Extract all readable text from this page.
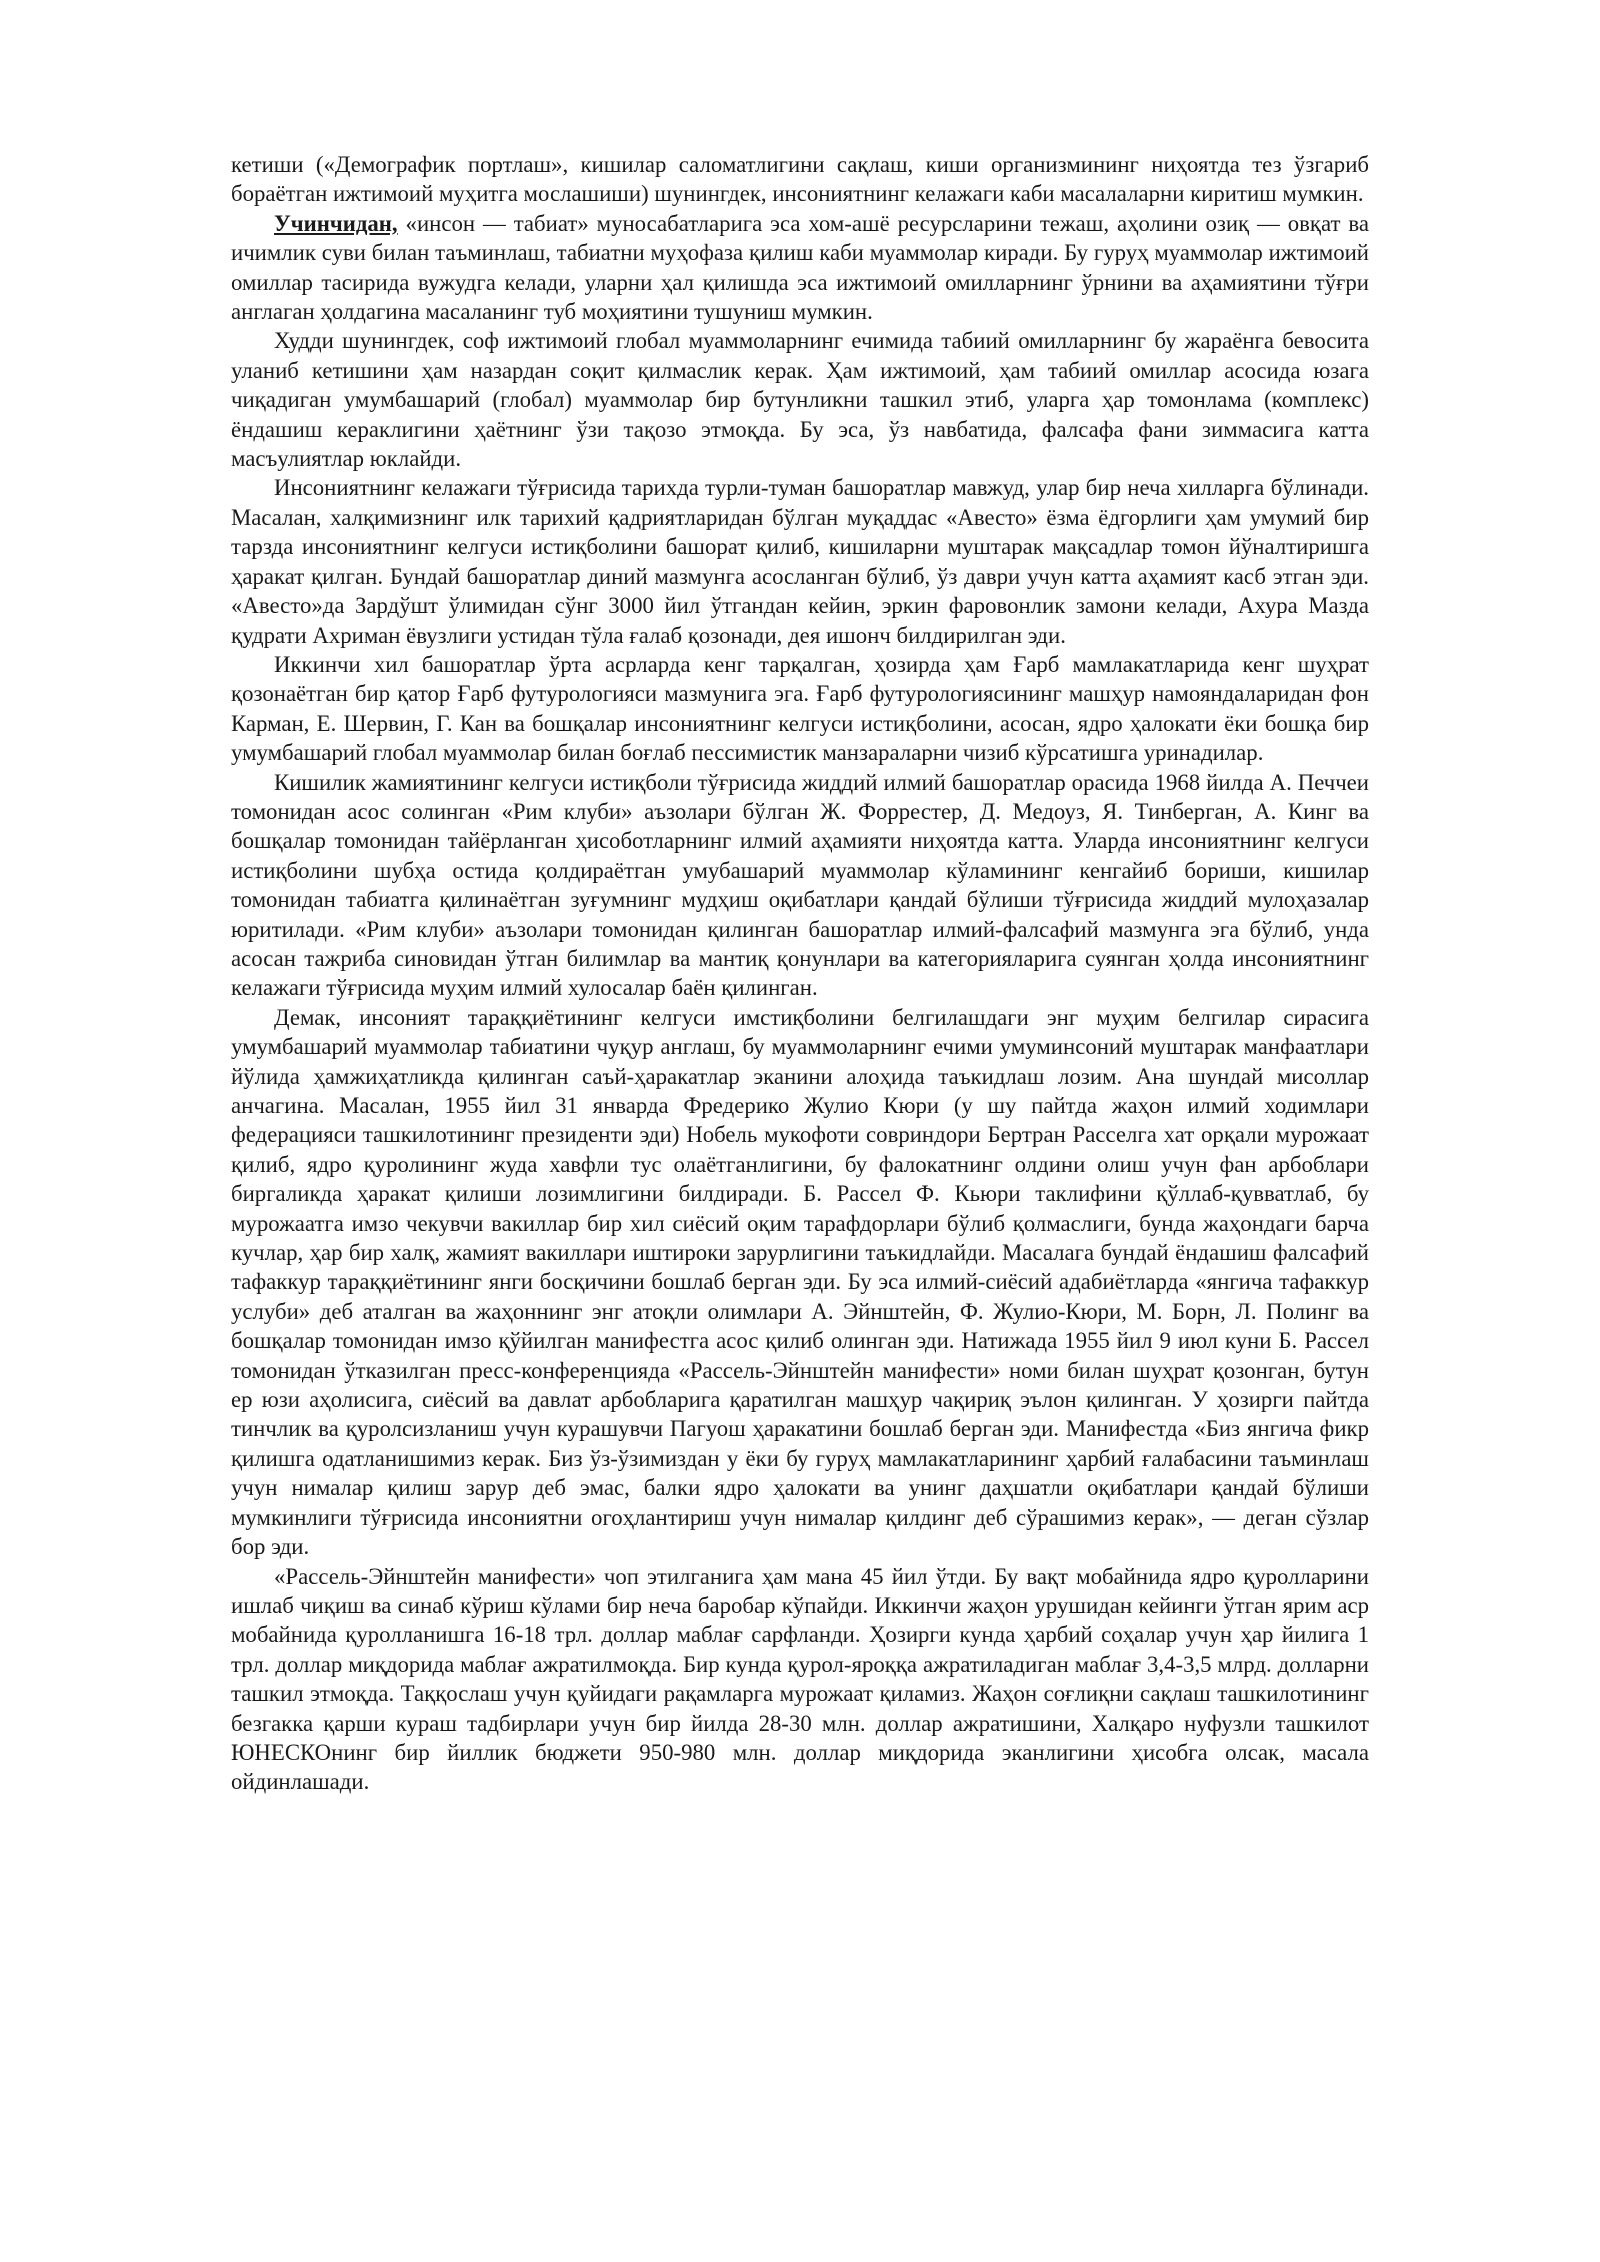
кетиши («Демографик портлаш», кишилар саломатлигини сақлаш, киши организмининг ниҳоятда тез ўзгариб бораётган ижтимоий муҳитга мослашиши) шунингдек, инсониятнинг келажаги каби масалаларни киритиш мумкин.

Учинчидан, «инсон — табиат» муносабатларига эса хом-ашё ресурсларини тежаш, аҳолини озиқ — овқат ва ичимлик суви билан таъминлаш, табиатни муҳофаза қилиш каби муаммолар киради. Бу гуруҳ муаммолар ижтимоий омиллар тасирида вужудга келади, уларни ҳал қилишда эса ижтимоий омилларнинг ўрнини ва аҳамиятини тўғри англаган ҳолдагина масаланинг туб моҳиятини тушуниш мумкин.

Худди шунингдек, соф ижтимоий глобал муаммоларнинг ечимида табиий омилларнинг бу жараёнга бевосита уланиб кетишини ҳам назардан соқит қилмаслик керак. Ҳам ижтимоий, ҳам табиий омиллар асосида юзага чиқадиган умумбашарий (глобал) муаммолар бир бутунликни ташкил этиб, уларга ҳар томонлама (комплекс) ёндашиш кераклигини ҳаётнинг ўзи тақозо этмоқда. Бу эса, ўз навбатида, фалсафа фани зиммасига катта масъулиятлар юклайди.

Инсониятнинг келажаги тўғрисида тарихда турли-туман башоратлар мавжуд, улар бир неча хилларга бўлинади. Масалан, халқимизнинг илк тарихий қадриятларидан бўлган муқаддас «Авесто» ёзма ёдгорлиги ҳам умумий бир тарзда инсониятнинг келгуси истиқболини башорат қилиб, кишиларни муштарак мақсадлар томон йўналтиришга ҳаракат қилган. Бундай башоратлар диний мазмунга асосланган бўлиб, ўз даври учун катта аҳамият касб этган эди. «Авесто»да Зардўшт ўлимидан сўнг 3000 йил ўтгандан кейин, эркин фаровонлик замони келади, Ахура Мазда қудрати Ахриман ёвузлиги устидан тўла ғалаб қозонади, дея ишонч билдирилган эди.

Иккинчи хил башоратлар ўрта асрларда кенг тарқалган, ҳозирда ҳам Ғарб мамлакатларида кенг шуҳрат қозонаётган бир қатор Ғарб футурологияси мазмунига эга. Ғарб футурологиясининг машҳур намояндаларидан фон Карман, Е. Шервин, Г. Кан ва бошқалар инсониятнинг келгуси истиқболини, асосан, ядро ҳалокати ёки бошқа бир умумбашарий глобал муаммолар билан боғлаб пессимистик манзараларни чизиб кўрсатишга уринадилар.

Кишилик жамиятининг келгуси истиқболи тўғрисида жиддий илмий башоратлар орасида 1968 йилда А. Печчеи томонидан асос солинган «Рим клуби» аъзолари бўлган Ж. Форрестер, Д. Медоуз, Я. Тинберган, А. Кинг ва бошқалар томонидан тайёрланган ҳисоботларнинг илмий аҳамияти ниҳоятда катта. Уларда инсониятнинг келгуси истиқболини шубҳа остида қолдираётган умубашарий муаммолар кўламининг кенгайиб бориши, кишилар томонидан табиатга қилинаётган зуғумнинг мудҳиш оқибатлари қандай бўлиши тўғрисида жиддий мулоҳазалар юритилади. «Рим клуби» аъзолари томонидан қилинган башоратлар илмий-фалсафий мазмунга эга бўлиб, унда асосан тажриба синовидан ўтган билимлар ва мантиқ қонунлари ва категорияларига суянган ҳолда инсониятнинг келажаги тўғрисида муҳим илмий хулосалар баён қилинган.

Демак, инсоният тараққиётининг келгуси имстиқболини белгилашдаги энг муҳим белгилар сирасига умумбашарий муаммолар табиатини чуқур англаш, бу муаммоларнинг ечими умуминсоний муштарак манфаатлари йўлида ҳамжиҳатликда қилинган саъй-ҳаракатлар эканини алоҳида таъкидлаш лозим. Ана шундай мисоллар анчагина. Масалан, 1955 йил 31 январда Фредерико Жулио Кюри (у шу пайтда жаҳон илмий ходимлари федерацияси ташкилотининг президенти эди) Нобель мукофоти совриндори Бертран Расселга хат орқали мурожаат қилиб, ядро қуролининг жуда хавфли тус олаётганлигини, бу фалокатнинг олдини олиш учун фан арбоблари биргаликда ҳаракат қилиши лозимлигини билдиради. Б. Рассел Ф. Кьюри таклифини қўллаб-қувватлаб, бу мурожаатга имзо чекувчи вакиллар бир хил сиёсий оқим тарафдорлари бўлиб қолмаслиги, бунда жаҳондаги барча кучлар, ҳар бир халқ, жамият вакиллари иштироки зарурлигини таъкидлайди. Масалага бундай ёндашиш фалсафий тафаккур тараққиётининг янги босқичини бошлаб берган эди. Бу эса илмий-сиёсий адабиётларда «янгича тафаккур услуби» деб аталган ва жаҳоннинг энг атоқли олимлари А. Эйнштейн, Ф. Жулио-Кюри, М. Борн, Л. Полинг ва бошқалар томонидан имзо қўйилган манифестга асос қилиб олинган эди. Натижада 1955 йил 9 июл куни Б. Рассел томонидан ўтказилган пресс-конференцияда «Рассель-Эйнштейн манифести» номи билан шуҳрат қозонган, бутун ер юзи аҳолисига, сиёсий ва давлат арбобларига қаратилган машҳур чақириқ эълон қилинган. У ҳозирги пайтда тинчлик ва қуролсизланиш учун курашувчи Пагуош ҳаракатини бошлаб берган эди. Манифестда «Биз янгича фикр қилишга одатланишимиз керак. Биз ўз-ўзимиздан у ёки бу гуруҳ мамлакатларининг ҳарбий ғалабасини таъминлаш учун нималар қилиш зарур деб эмас, балки ядро ҳалокати ва унинг даҳшатли оқибатлари қандай бўлиши мумкинлиги тўғрисида инсониятни огоҳлантириш учун нималар қилдинг деб сўрашимиз керак», — деган сўзлар бор эди.

«Рассель-Эйнштейн манифести» чоп этилганига ҳам мана 45 йил ўтди. Бу вақт мобайнида ядро қуролларини ишлаб чиқиш ва синаб кўриш кўлами бир неча баробар кўпайди. Иккинчи жаҳон урушидан кейинги ўтган ярим аср мобайнида қуролланишга 16-18 трл. доллар маблағ сарфланди. Ҳозирги кунда ҳарбий соҳалар учун ҳар йилига 1 трл. доллар миқдорида маблағ ажратилмоқда. Бир кунда қурол-яроққа ажратиладиган маблағ 3,4-3,5 млрд. долларни ташкил этмоқда. Таққослаш учун қуйидаги рақамларга мурожаат қиламиз. Жаҳон соғлиқни сақлаш ташкилотининг безгакка қарши кураш тадбирлари учун бир йилда 28-30 млн. доллар ажратишини, Халқаро нуфузли ташкилот ЮНЕСКОнинг бир йиллик бюджети 950-980 млн. доллар миқдорида эканлигини ҳисобга олсак, масала ойдинлашади.
